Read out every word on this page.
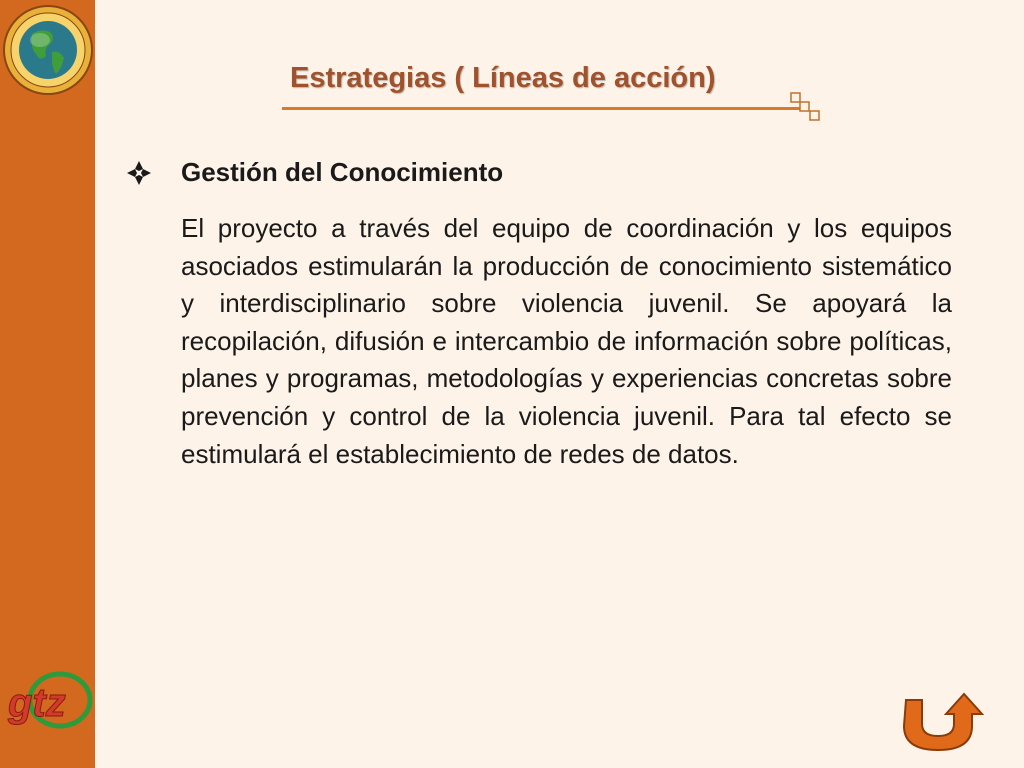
gtz
Estrategias ( Líneas de acción)
Gestión del Conocimiento

El proyecto a través del equipo de coordinación y los equipos asociados estimularán la producción de conocimiento sistemático y interdisciplinario sobre violencia juvenil. Se apoyará la recopilación, difusión e intercambio de información sobre políticas, planes y programas, metodologías y experiencias concretas sobre prevención y control de la violencia juvenil. Para tal efecto se estimulará el establecimiento de redes de datos.
